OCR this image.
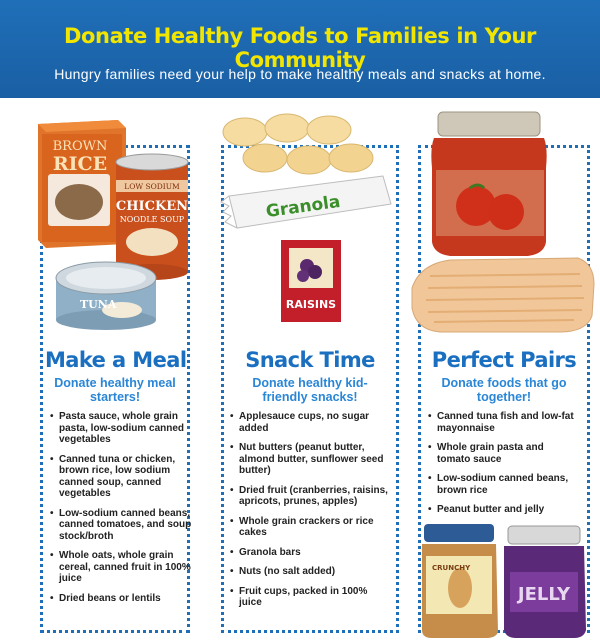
Donate Healthy Foods to Families in Your Community
Hungry families need your help to make healthy meals and snacks at home.
BROWN
RICE
LOW SODIUM
CHICKEN
NOODLE SOUP
TUNA
Granola
RAISINS
CRUNCHY
JELLY
Make a Meal
Donate healthy meal starters!
• Pasta sauce, whole grain pasta, low-sodium canned vegetables
• Canned tuna or chicken, brown rice, low sodium canned soup, canned vegetables
• Low-sodium canned beans, canned tomatoes, and soup stock/broth
• Whole oats, whole grain cereal, canned fruit in 100% juice
• Dried beans or lentils
Snack Time
Donate healthy kid-friendly snacks!
• Applesauce cups, no sugar added
• Nut butters (peanut butter, almond butter, sunflower seed butter)
• Dried fruit (cranberries, raisins, apricots, prunes, apples)
• Whole grain crackers or rice cakes
• Granola bars
• Nuts (no salt added)
• Fruit cups, packed in 100% juice
Perfect Pairs
Donate foods that go together!
• Canned tuna fish and low-fat mayonnaise
• Whole grain pasta and tomato sauce
• Low-sodium canned beans, brown rice
• Peanut butter and jelly
